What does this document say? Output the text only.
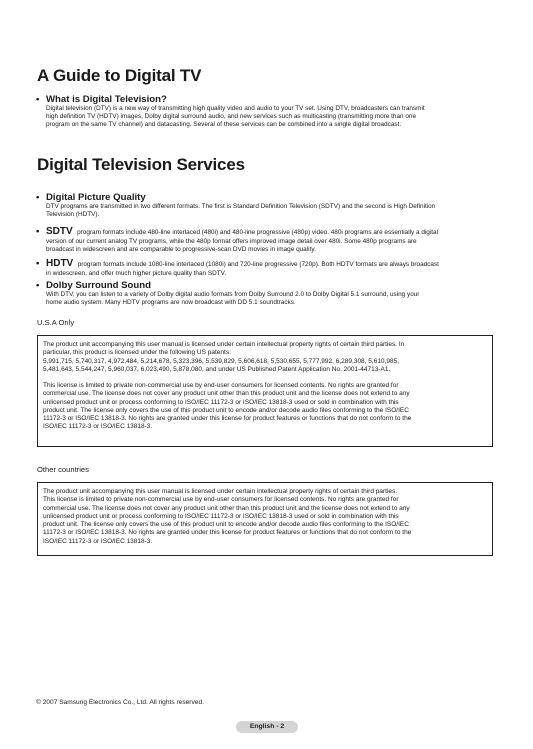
A Guide to Digital TV
• What is Digital Television?
Digital television (DTV) is a new way of transmitting high quality video and audio to your TV set. Using DTV, broadcasters can transmit
high definition TV (HDTV) images, Dolby digital surround audio, and new services such as multicasting (transmitting more than one
program on the same TV channel) and datacasting. Several of these services can be combined into a single digital broadcast.
Digital Television Services
• Digital Picture Quality
DTV programs are transmitted in two different formats. The first is Standard Definition Television (SDTV) and the second is High Definition
Television (HDTV).
• SDTV program formats include 480-line interlaced (480i) and 480-line progressive (480p) video. 480i programs are essentially a digital
version of our current analog TV programs, while the 480p format offers improved image detail over 480i. Some 480p programs are
broadcast in widescreen and are comparable to progressive-scan DVD movies in image quality.
• HDTV program formats include 1080-line interlaced (1080i) and 720-line progressive (720p). Both HDTV formats are always broadcast
in widescreen, and offer much higher picture quality than SDTV.
• Dolby Surround Sound
With DTV, you can listen to a variety of Dolby digital audio formats from Dolby Surround 2.0 to Dolby Digital 5.1 surround, using your
home audio system. Many HDTV programs are now broadcast with DD 5.1 soundtracks.
U.S.A Only

The product unit accompanying this user manual is licensed under certain intellectual property rights of certain third parties. In
particular, this product is licensed under the following US patents:
5,991,715, 5,740,317, 4,972,484, 5,214,678, 5,323,396, 5,539,829, 5,606,618, 5,530,655, 5,777,992, 6,289,308, 5,610,985,
5,481,643, 5,544,247, 5,960,037, 6,023,490, 5,878,080, and under US Published Patent Application No. 2001-44713-A1.

This license is limited to private non-commercial use by end-user consumers for licensed contents. No rights are granted for
commercial use. The license does not cover any product unit other than this product unit and the license does not extend to any
unlicensed product unit or process conforming to ISO/IEC 11172-3 or ISO/IEC 13818-3 used or sold in combination with this
product unit. The license only covers the use of this product unit to encode and/or decode audio files conforming to the ISO/IEC
11172-3 or ISO/IEC 13818-3. No rights are granted under this license for product features or functions that do not conform to the
ISO/IEC 11172-3 or ISO/IEC 13818-3.

Other countries

The product unit accompanying this user manual is licensed under certain intellectual property rights of certain third parties.
This license is limited to private non-commercial use by end-user consumers for licensed contents. No rights are granted for
commercial use. The license does not cover any product unit other than this product unit and the license does not extend to any
unlicensed product unit or process conforming to ISO/IEC 11172-3 or ISO/IEC 13818-3 used or sold in combination with this
product unit. The license only covers the use of this product unit to encode and/or decode audio files conforming to the ISO/IEC
11172-3 or ISO/IEC 13818-3. No rights are granted under this license for product features or functions that do not conform to the
ISO/IEC 11172-3 or ISO/IEC 13818-3.

© 2007 Samsung Electronics Co., Ltd. All rights reserved.
English - 2
